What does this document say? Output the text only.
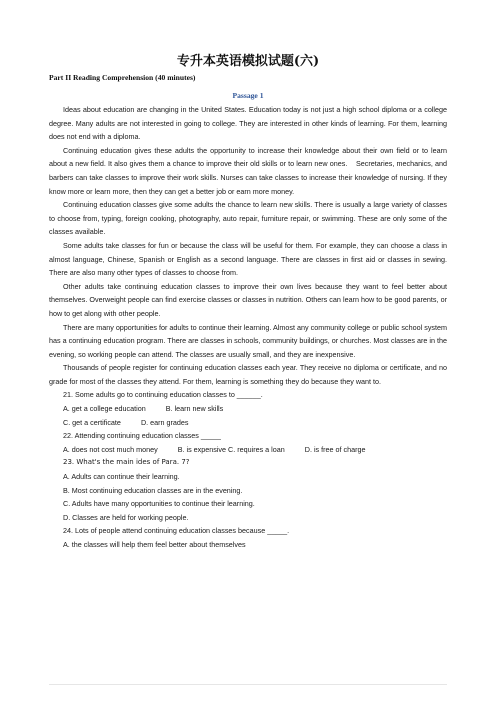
专升本英语模拟试题(六)
Part II Reading Comprehension (40 minutes)
Passage 1

Ideas about education are changing in the United States. Education today is not just a high school diploma or a college degree. Many adults are not interested in going to college. They are interested in other kinds of learning. For them, learning does not end with a diploma.

Continuing education gives these adults the opportunity to increase their knowledge about their own field or to learn about a new field. It also gives them a chance to improve their old skills or to learn new ones.    Secretaries, mechanics, and barbers can take classes to improve their work skills. Nurses can take classes to increase their knowledge of nursing. If they know more or learn more, then they can get a better job or earn more money.

Continuing education classes give some adults the chance to learn new skills. There is usually a large variety of classes to choose from, typing, foreign cooking, photography, auto repair, furniture repair, or swimming. These are only some of the classes available.

Some adults take classes for fun or because the class will be useful for them. For example, they can choose a class in almost language, Chinese, Spanish or English as a second language. There are classes in first aid or classes in sewing. There are also many other types of classes to choose from.

Other adults take continuing education classes to improve their own lives because they want to feel better about themselves. Overweight people can find exercise classes or classes in nutrition. Others can learn how to be good parents, or how to get along with other people.

There are many opportunities for adults to continue their learning. Almost any community college or public school system has a continuing education program. There are classes in schools, community buildings, or churches. Most classes are in the evening, so working people can attend. The classes are usually small, and they are inexpensive.

Thousands of people register for continuing education classes each year. They receive no diploma or certificate, and no grade for most of the classes they attend. For them, learning is something they do because they want to.

21. Some adults go to continuing education classes to ______.

A. get a college education	B. learn new skills

C. get a certificate	D. earn grades

22. Attending continuing education classes _____

A. does not cost much money	B. is expensive C. requires a loan	D. is free of charge

23. What's the main ides of Para. 7?

A. Adults can continue their learning.

B. Most continuing education classes are in the evening.

C. Adults have many opportunities to continue their learning.

D. Classes are held for working people.

24. Lots of people attend continuing education classes because _____.

A. the classes will help them feel better about themselves
